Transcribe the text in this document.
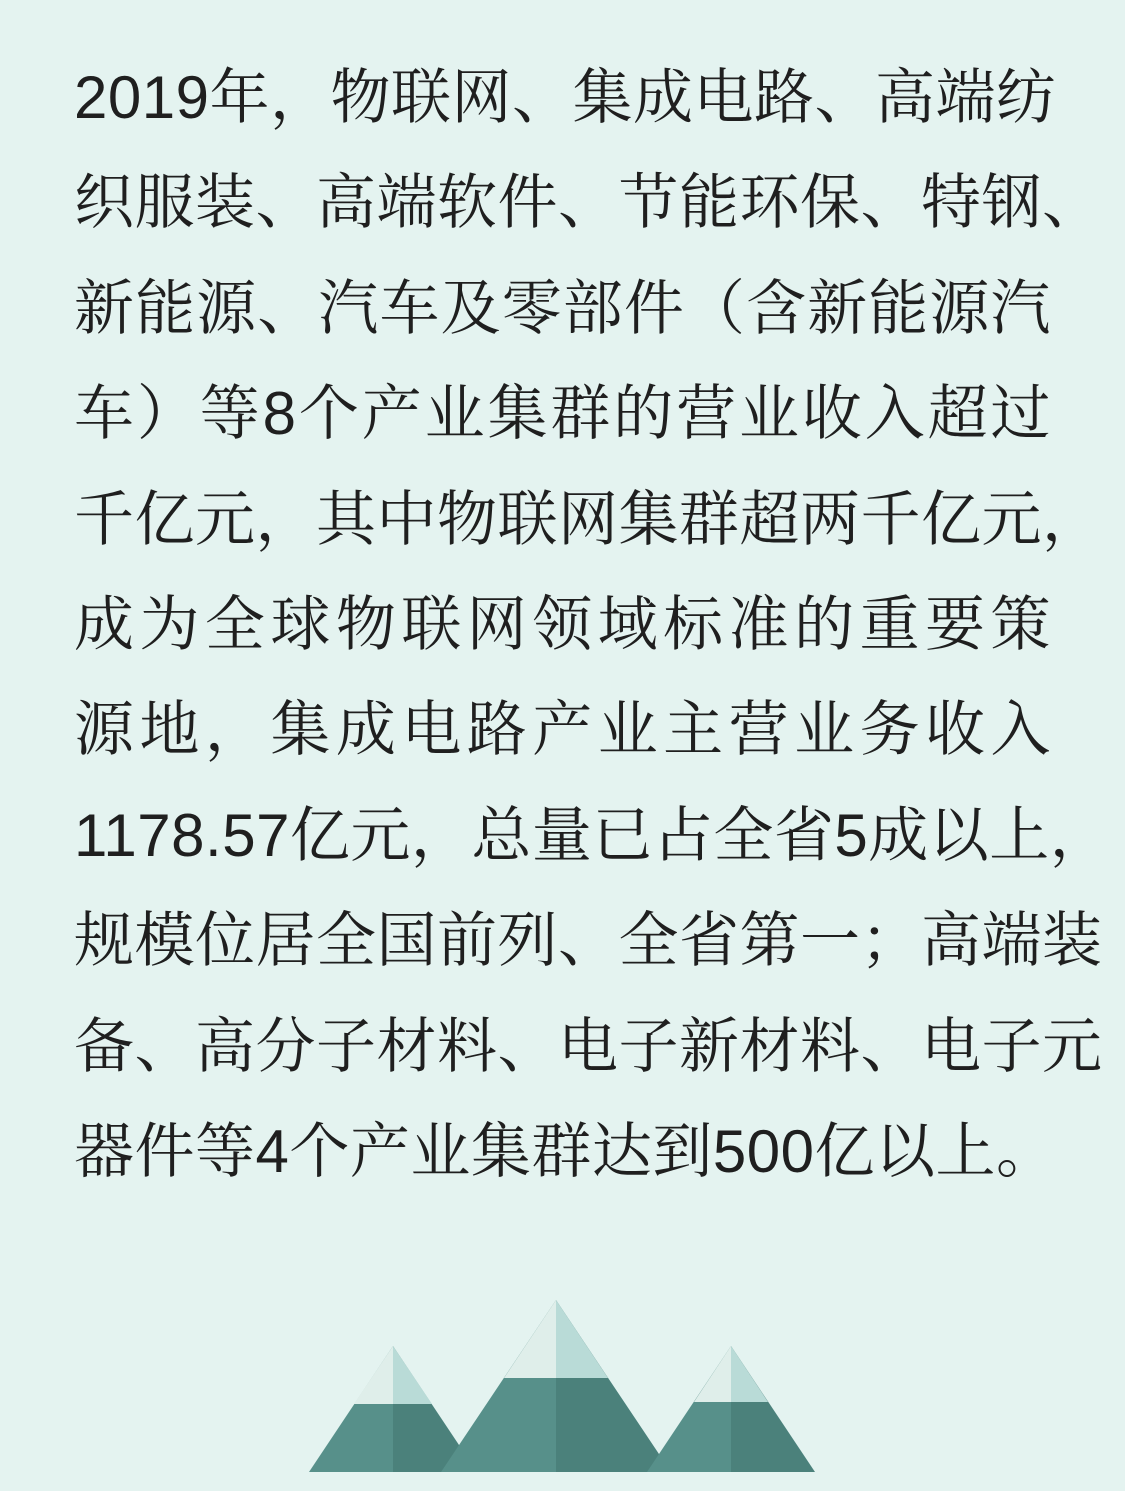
2019年，物联网、集成电路、高端纺
织服装、高端软件、节能环保、特钢、
新能源、汽车及零部件（含新能源汽
车）等8个产业集群的营业收入超过
千亿元，其中物联网集群超两千亿元，
成为全球物联网领域标准的重要策
源地，集成电路产业主营业务收入
1178.57亿元，总量已占全省5成以上，
规模位居全国前列、全省第一；高端装
备、高分子材料、电子新材料、电子元
器件等4个产业集群达到500亿以上。
